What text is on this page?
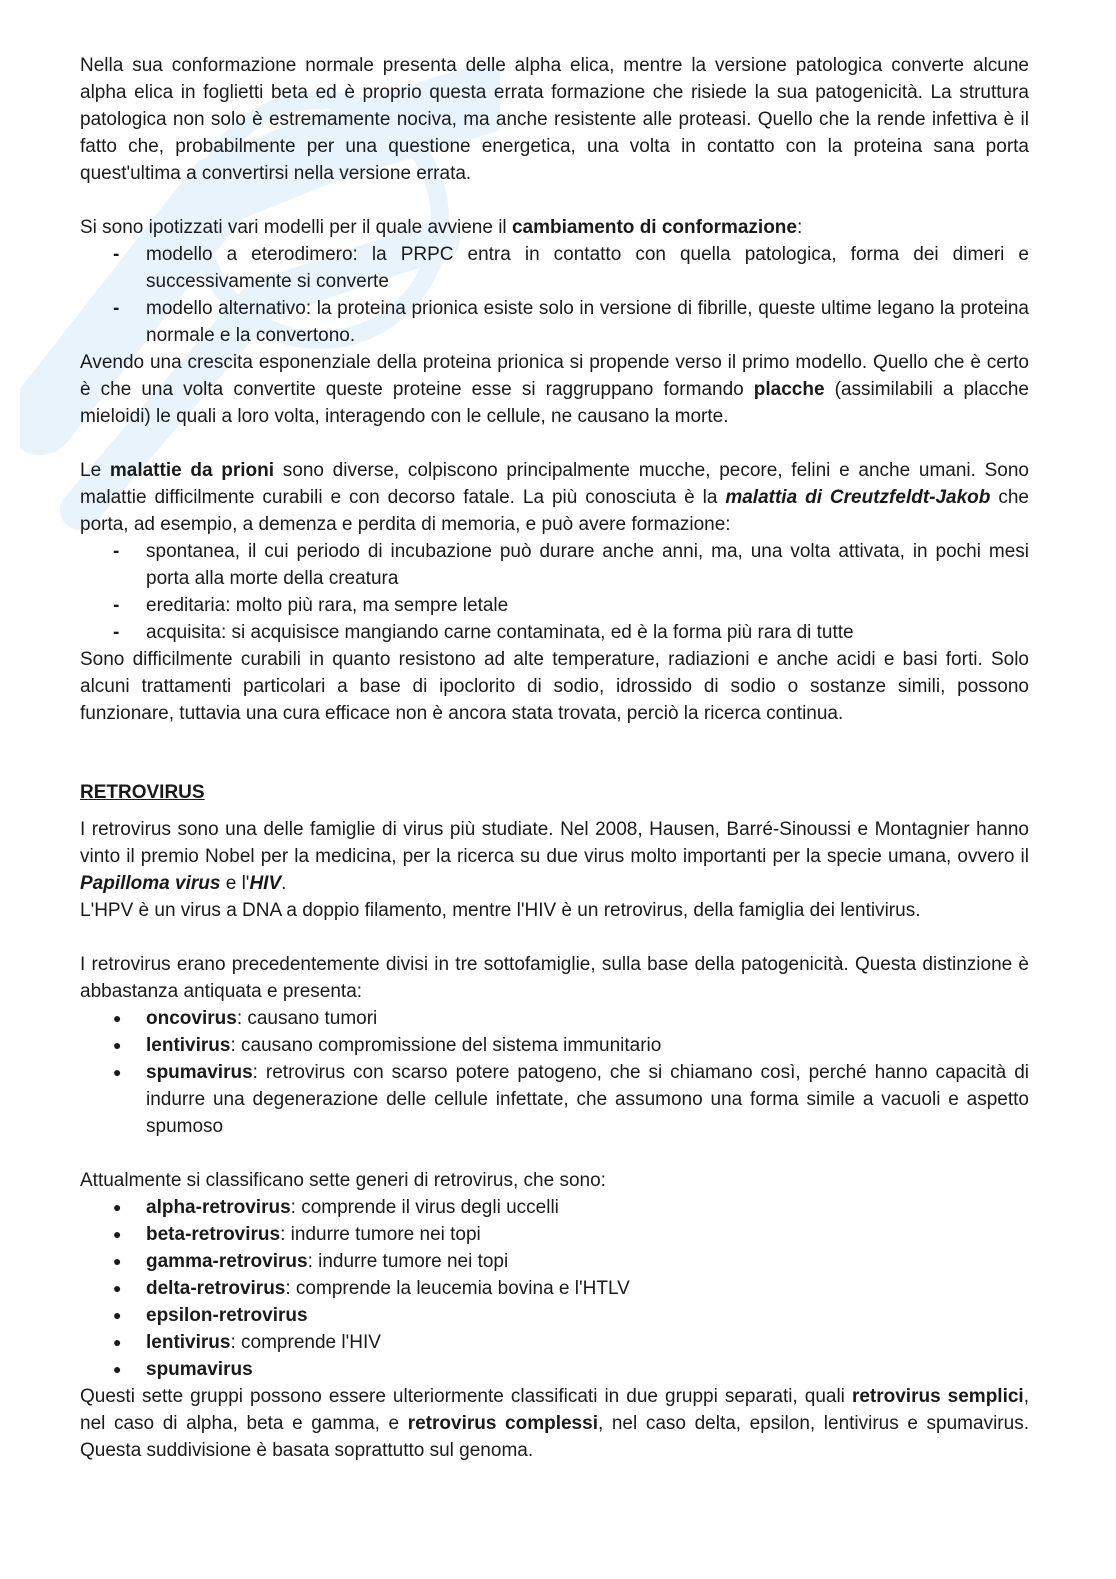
Nella sua conformazione normale presenta delle alpha elica, mentre la versione patologica converte alcune alpha elica in foglietti beta ed è proprio questa errata formazione che risiede la sua patogenicità. La struttura patologica non solo è estremamente nociva, ma anche resistente alle proteasi. Quello che la rende infettiva è il fatto che, probabilmente per una questione energetica, una volta in contatto con la proteina sana porta quest'ultima a convertirsi nella versione errata.

Si sono ipotizzati vari modelli per il quale avviene il cambiamento di conformazione:

- modello a eterodimero: la PRPC entra in contatto con quella patologica, forma dei dimeri e successivamente si converte
- modello alternativo: la proteina prionica esiste solo in versione di fibrille, queste ultime legano la proteina normale e la convertono.

Avendo una crescita esponenziale della proteina prionica si propende verso il primo modello. Quello che è certo è che una volta convertite queste proteine esse si raggruppano formando placche (assimilabili a placche mieloidi) le quali a loro volta, interagendo con le cellule, ne causano la morte.

Le malattie da prioni sono diverse, colpiscono principalmente mucche, pecore, felini e anche umani. Sono malattie difficilmente curabili e con decorso fatale. La più conosciuta è la malattia di Creutzfeldt-Jakob che porta, ad esempio, a demenza e perdita di memoria, e può avere formazione:

- spontanea, il cui periodo di incubazione può durare anche anni, ma, una volta attivata, in pochi mesi porta alla morte della creatura
- ereditaria: molto più rara, ma sempre letale
- acquisita: si acquisisce mangiando carne contaminata, ed è la forma più rara di tutte

Sono difficilmente curabili in quanto resistono ad alte temperature, radiazioni e anche acidi e basi forti. Solo alcuni trattamenti particolari a base di ipoclorito di sodio, idrossido di sodio o sostanze simili, possono funzionare, tuttavia una cura efficace non è ancora stata trovata, perciò la ricerca continua.

RETROVIRUS

I retrovirus sono una delle famiglie di virus più studiate. Nel 2008, Hausen, Barré-Sinoussi e Montagnier hanno vinto il premio Nobel per la medicina, per la ricerca su due virus molto importanti per la specie umana, ovvero il Papilloma virus e l'HIV.

L'HPV è un virus a DNA a doppio filamento, mentre l'HIV è un retrovirus, della famiglia dei lentivirus.

I retrovirus erano precedentemente divisi in tre sottofamiglie, sulla base della patogenicità. Questa distinzione è abbastanza antiquata e presenta:

● oncovirus: causano tumori
● lentivirus: causano compromissione del sistema immunitario
● spumavirus: retrovirus con scarso potere patogeno, che si chiamano così, perché hanno capacità di indurre una degenerazione delle cellule infettate, che assumono una forma simile a vacuoli e aspetto spumoso

Attualmente si classificano sette generi di retrovirus, che sono:

● alpha-retrovirus: comprende il virus degli uccelli
● beta-retrovirus: indurre tumore nei topi
● gamma-retrovirus: indurre tumore nei topi
● delta-retrovirus: comprende la leucemia bovina e l'HTLV
● epsilon-retrovirus
● lentivirus: comprende l'HIV
● spumavirus

Questi sette gruppi possono essere ulteriormente classificati in due gruppi separati, quali retrovirus semplici, nel caso di alpha, beta e gamma, e retrovirus complessi, nel caso delta, epsilon, lentivirus e spumavirus. Questa suddivisione è basata soprattutto sul genoma.
